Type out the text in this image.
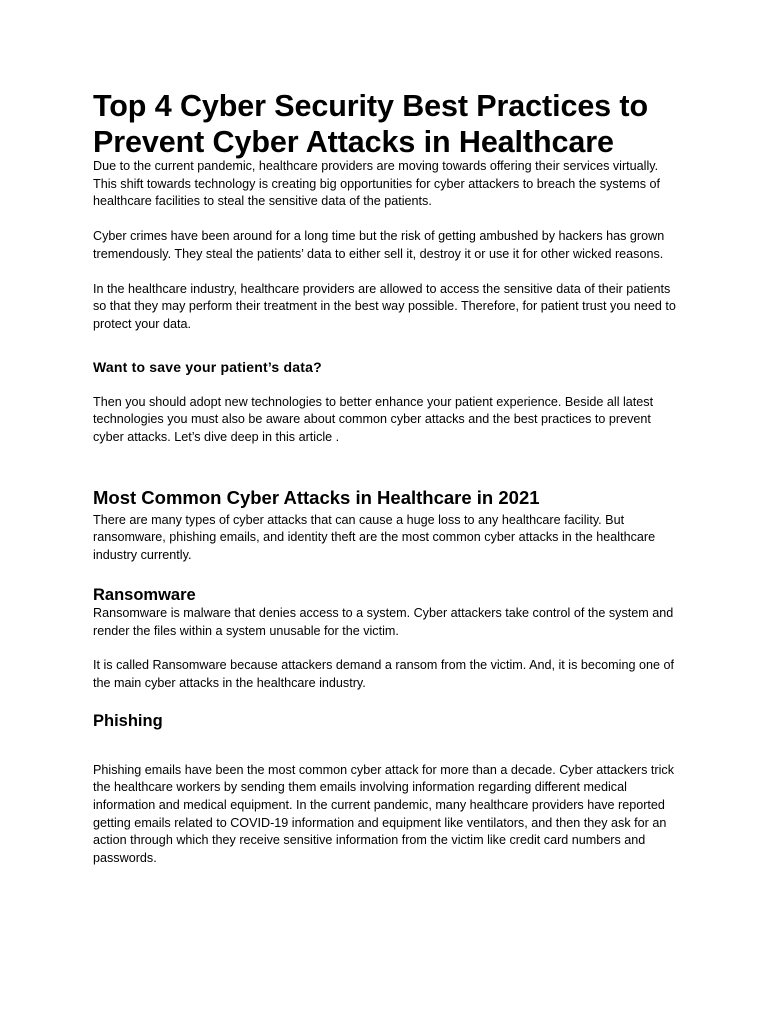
Top 4 Cyber Security Best Practices to Prevent Cyber Attacks in Healthcare

Due to the current pandemic, healthcare providers are moving towards offering their services virtually. This shift towards technology is creating big opportunities for cyber attackers to breach the systems of healthcare facilities to steal the sensitive data of the patients.

Cyber crimes have been around for a long time but the risk of getting ambushed by hackers has grown tremendously. They steal the patients’ data to either sell it, destroy it or use it for other wicked reasons.

In the healthcare industry, healthcare providers are allowed to access the sensitive data of their patients so that they may perform their treatment in the best way possible. Therefore, for patient trust you need to protect your data.

Want to save your patient’s data?

Then you should adopt new technologies to better enhance your patient experience. Beside all latest technologies you must also be aware about common cyber attacks and the best practices to prevent cyber attacks. Let’s dive deep in this article .

Most Common Cyber Attacks in Healthcare in 2021

There are many types of cyber attacks that can cause a huge loss to any healthcare facility. But ransomware, phishing emails, and identity theft are the most common cyber attacks in the healthcare industry currently.

Ransomware

Ransomware is malware that denies access to a system. Cyber attackers take control of the system and render the files within a system unusable for the victim.

It is called Ransomware because attackers demand a ransom from the victim. And, it is becoming one of the main cyber attacks in the healthcare industry.

Phishing

Phishing emails have been the most common cyber attack for more than a decade. Cyber attackers trick the healthcare workers by sending them emails involving information regarding different medical information and medical equipment. In the current pandemic, many healthcare providers have reported getting emails related to COVID-19 information and equipment like ventilators, and then they ask for an action through which they receive sensitive information from the victim like credit card numbers and passwords.
